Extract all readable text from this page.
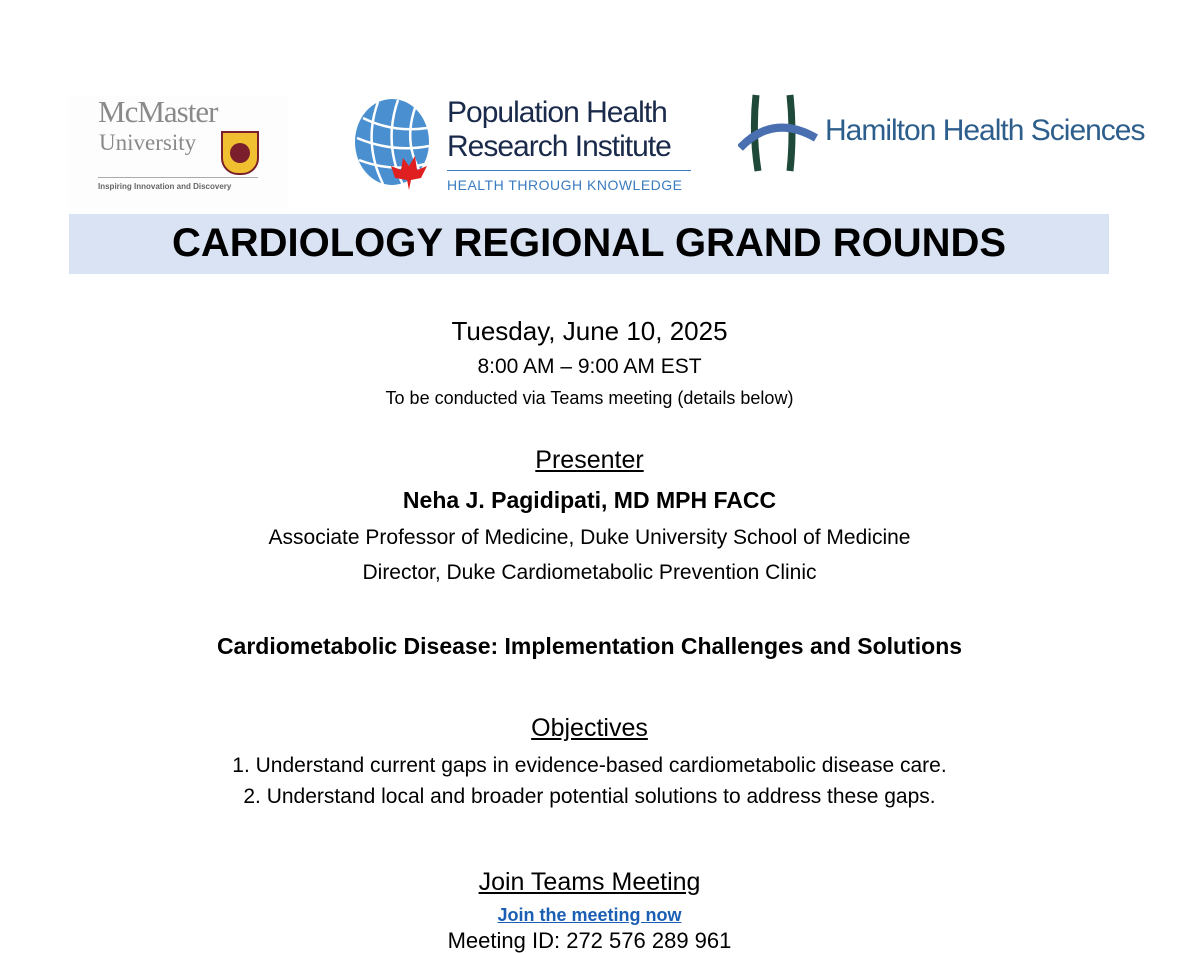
McMaster
University
Inspiring Innovation and Discovery
Population Health
Research Institute
HEALTH THROUGH KNOWLEDGE
Hamilton Health Sciences
CARDIOLOGY REGIONAL GRAND ROUNDS
Tuesday, June 10, 2025
8:00 AM – 9:00 AM EST
To be conducted via Teams meeting (details below)
Presenter
Neha J. Pagidipati, MD MPH FACC
Associate Professor of Medicine, Duke University School of Medicine
Director, Duke Cardiometabolic Prevention Clinic
Cardiometabolic Disease: Implementation Challenges and Solutions
Objectives
1. Understand current gaps in evidence-based cardiometabolic disease care.
2. Understand local and broader potential solutions to address these gaps.
Join Teams Meeting
Join the meeting now
Meeting ID: 272 576 289 961
